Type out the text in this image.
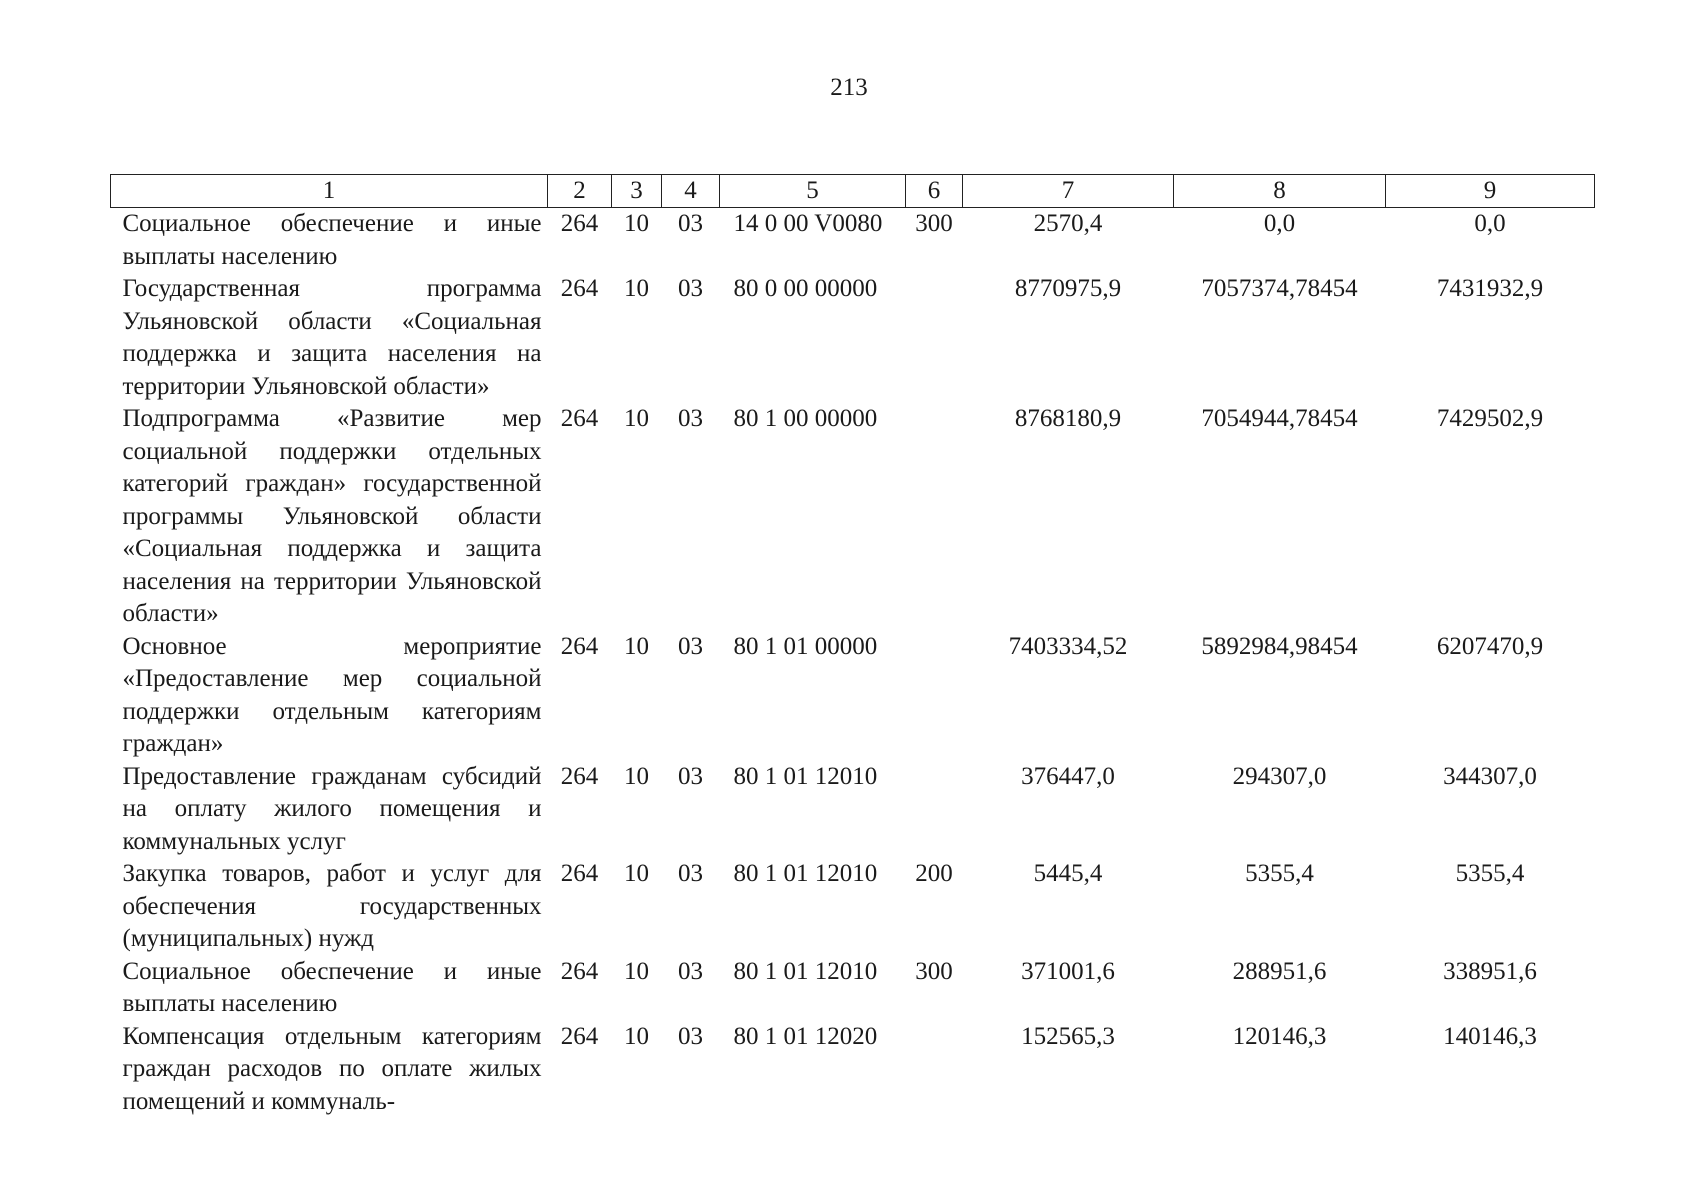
213
1	2	3	4	5	6	7	8	9
Социальное обеспечение и иные выплаты населению	264	10	03	14 0 00 V0080	300	2570,4	0,0	0,0
Государственная программа Ульяновской области «Социальная поддержка и защита населения на территории Ульяновской области»	264	10	03	80 0 00 00000		8770975,9	7057374,78454	7431932,9
Подпрограмма «Развитие мер социальной поддержки отдельных категорий граждан» государственной программы Ульяновской области «Социальная поддержка и защита населения на территории Ульяновской области»	264	10	03	80 1 00 00000		8768180,9	7054944,78454	7429502,9
Основное мероприятие «Предоставление мер социальной поддержки отдельным категориям граждан»	264	10	03	80 1 01 00000		7403334,52	5892984,98454	6207470,9
Предоставление гражданам субсидий на оплату жилого помещения и коммунальных услуг	264	10	03	80 1 01 12010		376447,0	294307,0	344307,0
Закупка товаров, работ и услуг для обеспечения государственных (муниципальных) нужд	264	10	03	80 1 01 12010	200	5445,4	5355,4	5355,4
Социальное обеспечение и иные выплаты населению	264	10	03	80 1 01 12010	300	371001,6	288951,6	338951,6
Компенсация отдельным категориям граждан расходов по оплате жилых помещений и коммуналь-	264	10	03	80 1 01 12020		152565,3	120146,3	140146,3
